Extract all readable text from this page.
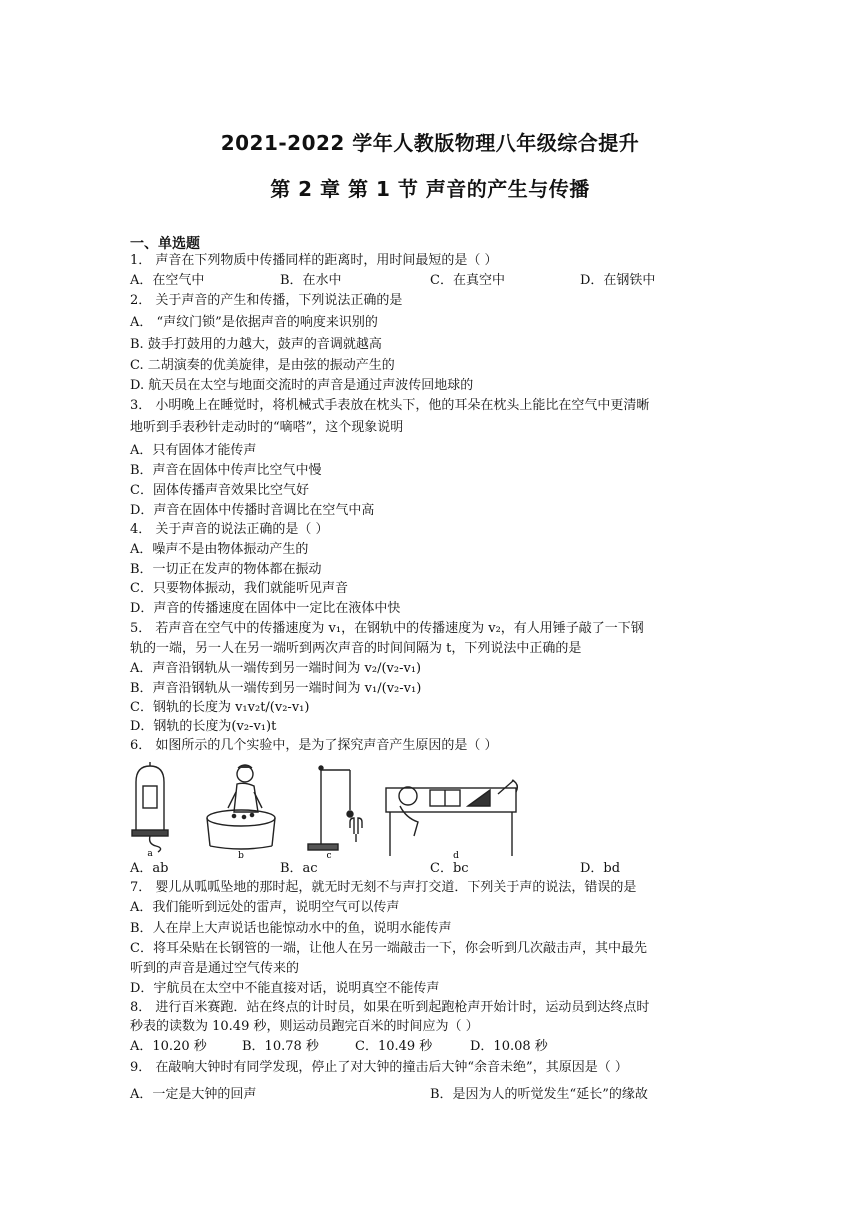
2021-2022 学年人教版物理八年级综合提升
第 2 章 第 1 节 声音的产生与传播
一、单选题
1． 声音在下列物质中传播同样的距离时，用时间最短的是（ ）
A．在空气中	B．在水中	C．在真空中	D．在钢铁中
2． 关于声音的产生和传播，下列说法正确的是
A． “声纹门锁”是依据声音的响度来识别的
B. 鼓手打鼓用的力越大，鼓声的音调就越高
C. 二胡演奏的优美旋律，是由弦的振动产生的
D. 航天员在太空与地面交流时的声音是通过声波传回地球的
3． 小明晚上在睡觉时，将机械式手表放在枕头下，他的耳朵在枕头上能比在空气中更清晰
地听到手表秒针走动时的“嘀嗒”，这个现象说明
A．只有固体才能传声
B．声音在固体中传声比空气中慢
C．固体传播声音效果比空气好
D．声音在固体中传播时音调比在空气中高
4． 关于声音的说法正确的是（ ）
A．噪声不是由物体振动产生的
B．一切正在发声的物体都在振动
C．只要物体振动，我们就能听见声音
D．声音的传播速度在固体中一定比在液体中快
5． 若声音在空气中的传播速度为 v₁，在钢轨中的传播速度为 v₂，有人用锤子敲了一下钢
轨的一端，另一人在另一端听到两次声音的时间间隔为 t，下列说法中正确的是
A．声音沿钢轨从一端传到另一端时间为 v₂/(v₂-v₁)
B．声音沿钢轨从一端传到另一端时间为 v₁/(v₂-v₁)
C．钢轨的长度为 v₁v₂t/(v₂-v₁)
D．钢轨的长度为(v₂-v₁)t
6． 如图所示的几个实验中，是为了探究声音产生原因的是（ ）
a	b	c	d
A．ab	B．ac	C．bc	D．bd
7． 婴儿从呱呱坠地的那时起，就无时无刻不与声打交道．下列关于声的说法，错误的是
A．我们能听到远处的雷声，说明空气可以传声
B．人在岸上大声说话也能惊动水中的鱼，说明水能传声
C．将耳朵贴在长钢管的一端，让他人在另一端敲击一下，你会听到几次敲击声，其中最先
听到的声音是通过空气传来的
D．宇航员在太空中不能直接对话，说明真空不能传声
8． 进行百米赛跑．站在终点的计时员，如果在听到起跑枪声开始计时，运动员到达终点时
秒表的读数为 10.49 秒，则运动员跑完百米的时间应为（ ）
A．10.20 秒	B．10.78 秒	C．10.49 秒	D．10.08 秒
9． 在敲响大钟时有同学发现，停止了对大钟的撞击后大钟“余音未绝”，其原因是（ ）
A．一定是大钟的回声	B．是因为人的听觉发生“延长”的缘故
